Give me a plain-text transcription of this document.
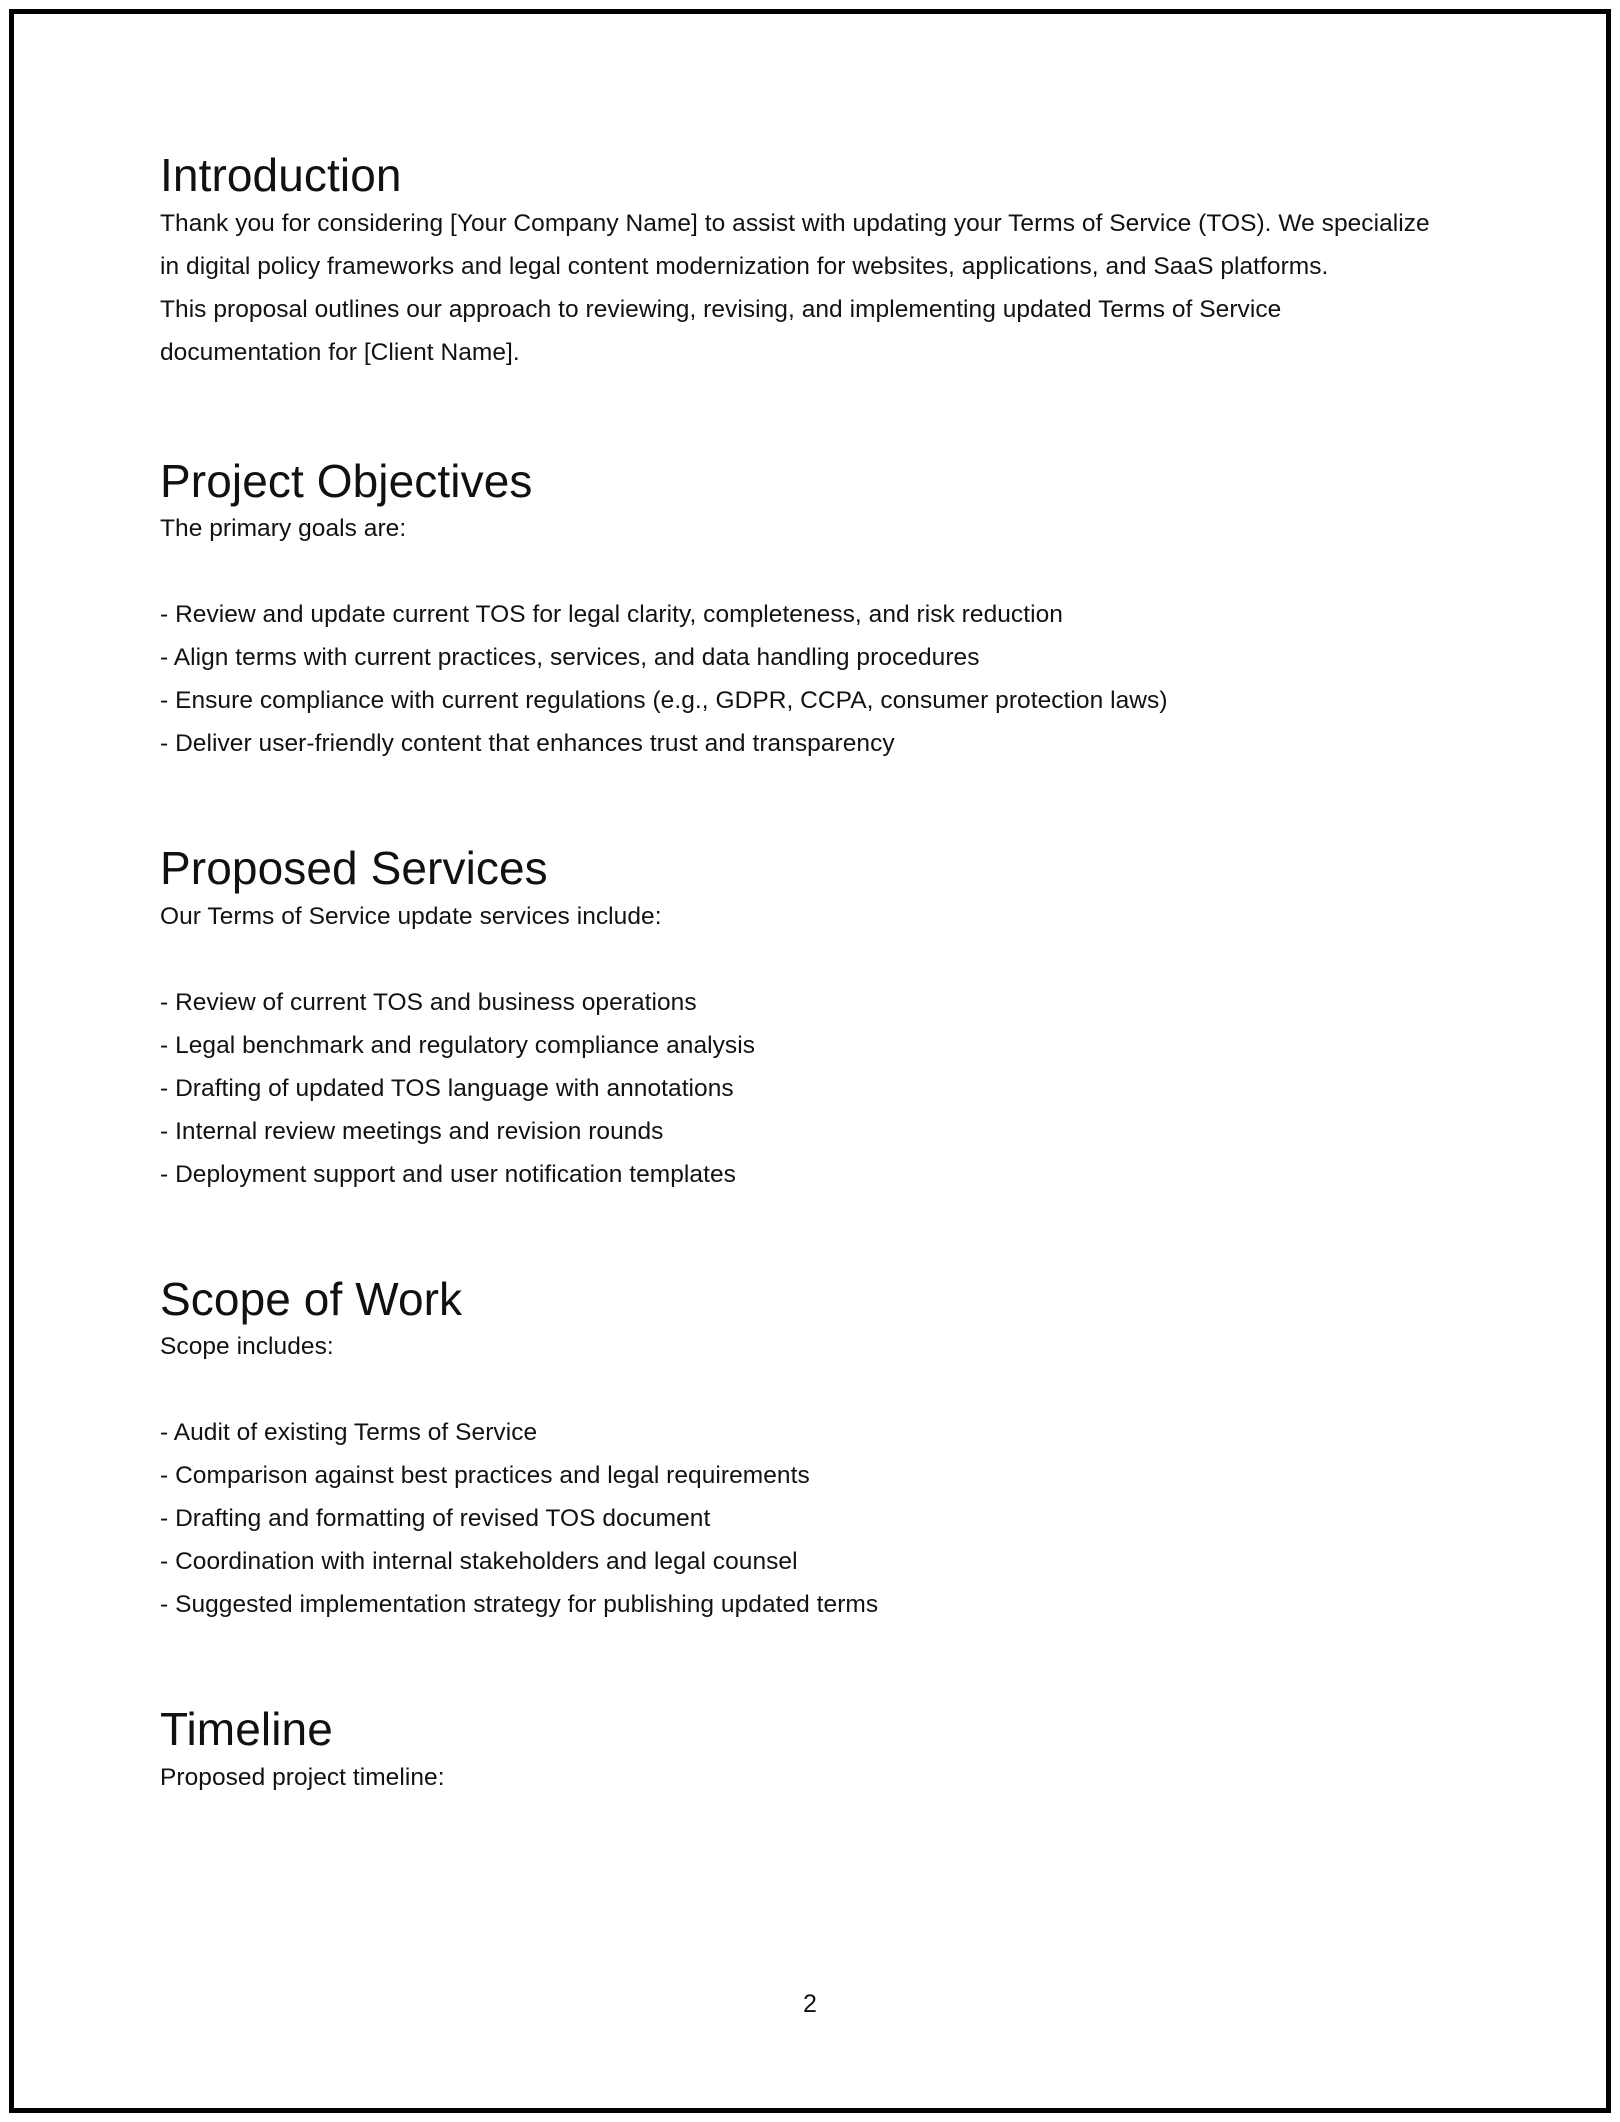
Introduction

Thank you for considering [Your Company Name] to assist with updating your Terms of Service (TOS). We specialize in digital policy frameworks and legal content modernization for websites, applications, and SaaS platforms.

This proposal outlines our approach to reviewing, revising, and implementing updated Terms of Service documentation for [Client Name].

Project Objectives

The primary goals are:

- Review and update current TOS for legal clarity, completeness, and risk reduction
- Align terms with current practices, services, and data handling procedures
- Ensure compliance with current regulations (e.g., GDPR, CCPA, consumer protection laws)
- Deliver user-friendly content that enhances trust and transparency
Proposed Services

Our Terms of Service update services include:

- Review of current TOS and business operations
- Legal benchmark and regulatory compliance analysis
- Drafting of updated TOS language with annotations
- Internal review meetings and revision rounds
- Deployment support and user notification templates
Scope of Work

Scope includes:

- Audit of existing Terms of Service
- Comparison against best practices and legal requirements
- Drafting and formatting of revised TOS document
- Coordination with internal stakeholders and legal counsel
- Suggested implementation strategy for publishing updated terms
Timeline

Proposed project timeline:

2
